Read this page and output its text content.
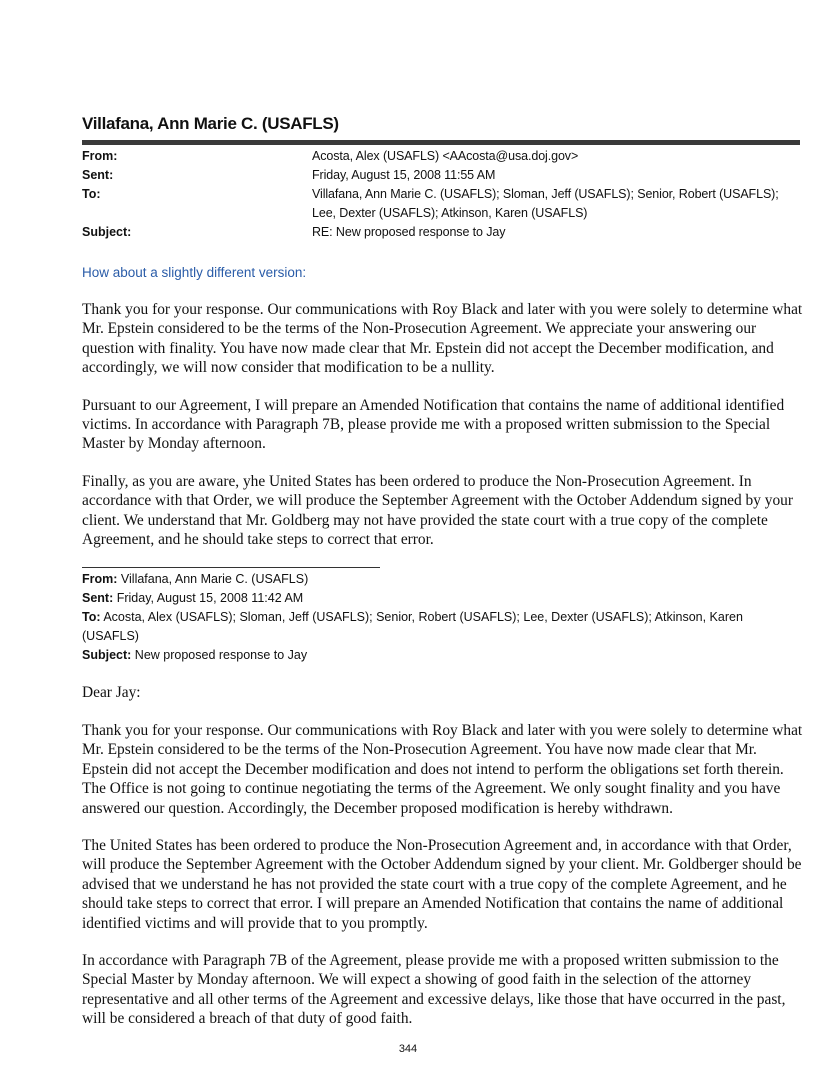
Villafana, Ann Marie C. (USAFLS)
From:	Acosta, Alex (USAFLS) <AAcosta@usa.doj.gov>
Sent:	Friday, August 15, 2008 11:55 AM
To:	Villafana, Ann Marie C. (USAFLS); Sloman, Jeff (USAFLS); Senior, Robert (USAFLS); Lee, Dexter (USAFLS); Atkinson, Karen (USAFLS)
Subject:	RE: New proposed response to Jay
How about a slightly different version:

Thank you for your response. Our communications with Roy Black and later with you were solely to determine what Mr. Epstein considered to be the terms of the Non-Prosecution Agreement. We appreciate your answering our question with finality. You have now made clear that Mr. Epstein did not accept the December modification, and accordingly, we will now consider that modification to be a nullity.

Pursuant to our Agreement, I will prepare an Amended Notification that contains the name of additional identified victims. In accordance with Paragraph 7B, please provide me with a proposed written submission to the Special Master by Monday afternoon.

Finally, as you are aware, yhe United States has been ordered to produce the Non-Prosecution Agreement. In accordance with that Order, we will produce the September Agreement with the October Addendum signed by your client. We understand that Mr. Goldberg may not have provided the state court with a true copy of the complete Agreement, and he should take steps to correct that error.

From: Villafana, Ann Marie C. (USAFLS)
Sent: Friday, August 15, 2008 11:42 AM
To: Acosta, Alex (USAFLS); Sloman, Jeff (USAFLS); Senior, Robert (USAFLS); Lee, Dexter (USAFLS); Atkinson, Karen (USAFLS)
Subject: New proposed response to Jay

Dear Jay:

Thank you for your response. Our communications with Roy Black and later with you were solely to determine what Mr. Epstein considered to be the terms of the Non-Prosecution Agreement. You have now made clear that Mr. Epstein did not accept the December modification and does not intend to perform the obligations set forth therein. The Office is not going to continue negotiating the terms of the Agreement. We only sought finality and you have answered our question. Accordingly, the December proposed modification is hereby withdrawn.

The United States has been ordered to produce the Non-Prosecution Agreement and, in accordance with that Order, will produce the September Agreement with the October Addendum signed by your client. Mr. Goldberger should be advised that we understand he has not provided the state court with a true copy of the complete Agreement, and he should take steps to correct that error. I will prepare an Amended Notification that contains the name of additional identified victims and will provide that to you promptly.

In accordance with Paragraph 7B of the Agreement, please provide me with a proposed written submission to the Special Master by Monday afternoon. We will expect a showing of good faith in the selection of the attorney representative and all other terms of the Agreement and excessive delays, like those that have occurred in the past, will be considered a breach of that duty of good faith.

344
